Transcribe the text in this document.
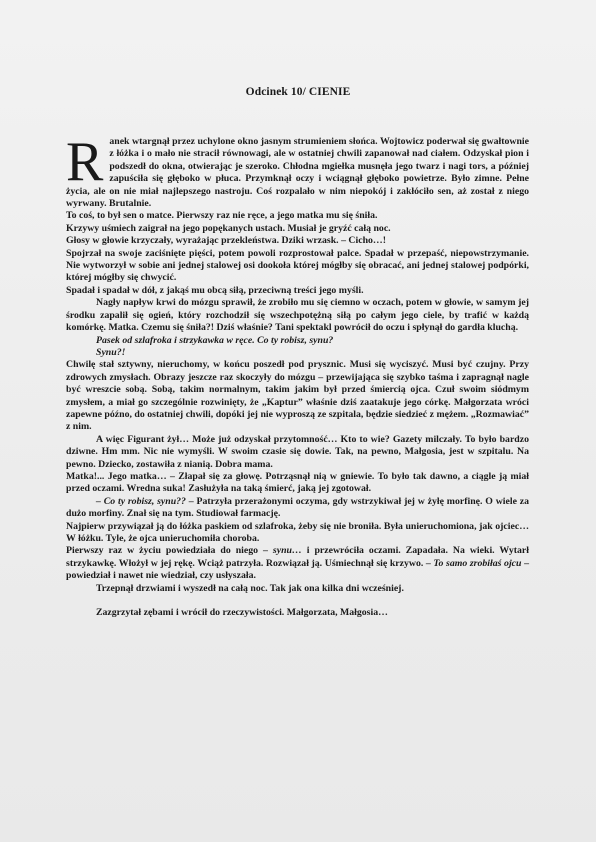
Odcinek 10/ CIENIE

Ranek wtargnął przez uchylone okno jasnym strumieniem słońca. Wojtowicz poderwał się gwałtownie z łóżka i o mało nie stracił równowagi, ale w ostatniej chwili zapanował nad ciałem. Odzyskał pion i podszedł do okna, otwierając je szeroko. Chłodna mgiełka musnęła jego twarz i nagi tors, a później zapuściła się głęboko w płuca. Przymknął oczy i wciągnął głęboko powietrze. Było zimne. Pełne życia, ale on nie miał najlepszego nastroju. Coś rozpalało w nim niepokój i zakłóciło sen, aż został z niego wyrwany. Brutalnie.

To coś, to był sen o matce. Pierwszy raz nie ręce, a jego matka mu się śniła.

Krzywy uśmiech zaigrał na jego popękanych ustach. Musiał je gryźć całą noc.

Głosy w głowie krzyczały, wyrażając przekleństwa. Dziki wrzask. – Cicho…!

Spojrzał na swoje zaciśnięte pięści, potem powoli rozprostował palce. Spadał w przepaść, niepowstrzymanie. Nie wytworzył w sobie ani jednej stalowej osi dookoła której mógłby się obracać, ani jednej stalowej podpórki, której mógłby się chwycić.

Spadał i spadał w dół, z jakąś mu obcą siłą, przeciwną treści jego myśli.

Nagły napływ krwi do mózgu sprawił, że zrobiło mu się ciemno w oczach, potem w głowie, w samym jej środku zapalił się ogień, który rozchodził się wszechpotężną siłą po całym jego ciele, by trafić w każdą komórkę. Matka. Czemu się śniła?! Dziś właśnie? Tani spektakl powrócił do oczu i spłynął do gardła kluchą.

Pasek od szlafroka i strzykawka w ręce. Co ty robisz, synu?

Synu?!

Chwilę stał sztywny, nieruchomy, w końcu poszedł pod prysznic. Musi się wyciszyć. Musi być czujny. Przy zdrowych zmysłach. Obrazy jeszcze raz skoczyły do mózgu – przewijająca się szybko taśma i zapragnął nagle być wreszcie sobą. Sobą, takim normalnym, takim jakim był przed śmiercią ojca. Czuł swoim siódmym zmysłem, a miał go szczególnie rozwinięty, że „Kaptur” właśnie dziś zaatakuje jego córkę. Małgorzata wróci zapewne późno, do ostatniej chwili, dopóki jej nie wyproszą ze szpitala, będzie siedzieć z mężem. „Rozmawiać” z nim.

A więc Figurant żył… Może już odzyskał przytomność… Kto to wie? Gazety milczały. To było bardzo dziwne. Hm mm. Nic nie wymyśli. W swoim czasie się dowie. Tak, na pewno, Małgosia, jest w szpitalu. Na pewno. Dziecko, zostawiła z nianią. Dobra mama.

Matka!... Jego matka… – Złapał się za głowę. Potrząsnął nią w gniewie. To było tak dawno, a ciągle ją miał przed oczami. Wredna suka! Zasłużyła na taką śmierć, jaką jej zgotował.

– Co ty robisz, synu?? – Patrzyła przerażonymi oczyma, gdy wstrzykiwał jej w żyłę morfinę. O wiele za dużo morfiny. Znał się na tym. Studiował farmację.

Najpierw przywiązał ją do łóżka paskiem od szlafroka, żeby się nie broniła. Była unieruchomiona, jak ojciec… W łóżku. Tyle, że ojca unieruchomiła choroba.

Pierwszy raz w życiu powiedziała do niego – synu… i przewróciła oczami. Zapadała. Na wieki. Wytarł strzykawkę. Włożył w jej rękę. Wciąż patrzyła. Rozwiązał ją. Uśmiechnął się krzywo. – To samo zrobiłaś ojcu – powiedział i nawet nie wiedział, czy usłyszała.

Trzepnął drzwiami i wyszedł na całą noc. Tak jak ona kilka dni wcześniej.

Zazgrzytał zębami i wrócił do rzeczywistości. Małgorzata, Małgosia…
